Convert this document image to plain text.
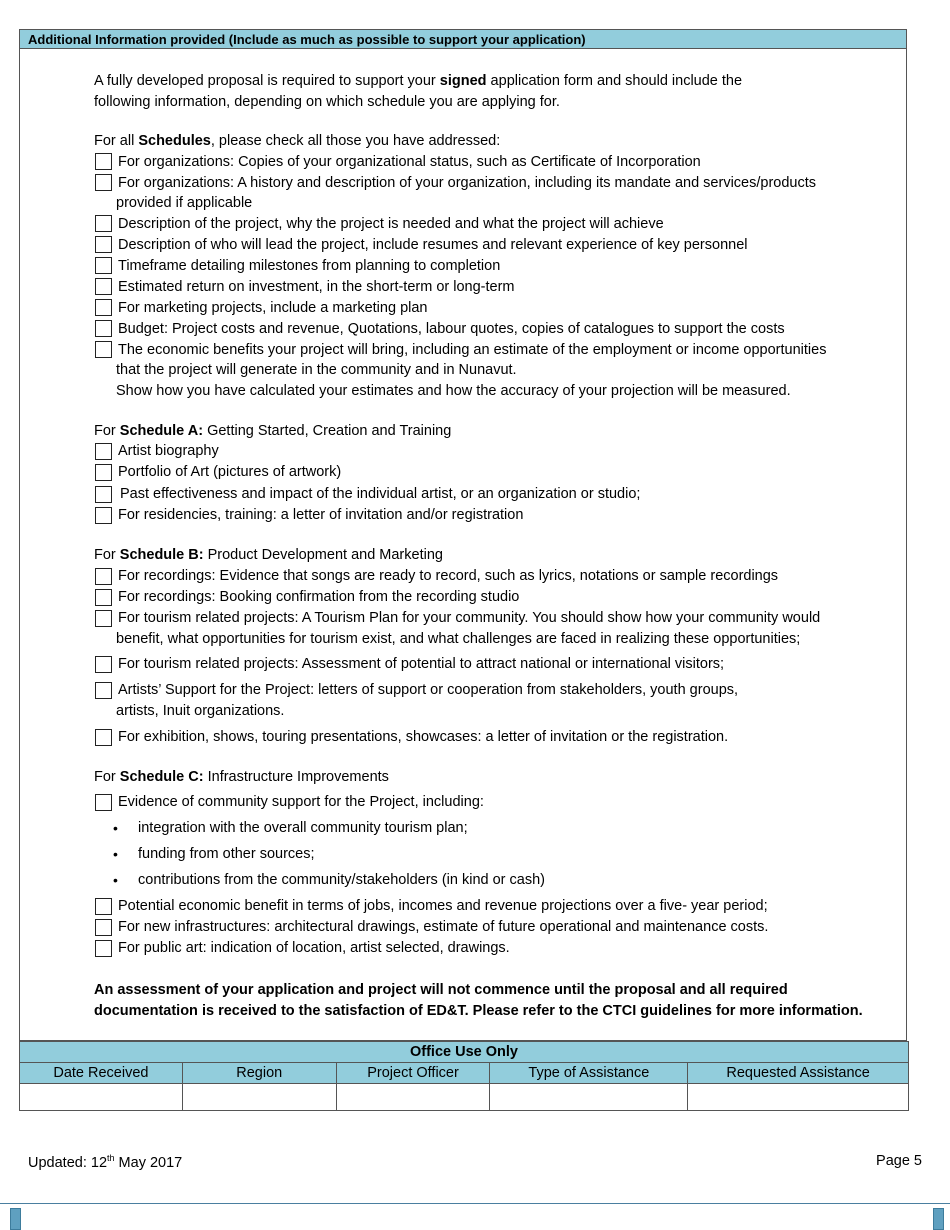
Additional Information provided (Include as much as possible to support your application)
A fully developed proposal is required to support your signed application form and should include the
following information, depending on which schedule you are applying for.
For all Schedules, please check all those you have addressed:
For organizations: Copies of your organizational status, such as Certificate of Incorporation
For organizations: A history and description of your organization, including its mandate and services/products
provided if applicable
Description of the project, why the project is needed and what the project will achieve
Description of who will lead the project, include resumes and relevant experience of key personnel
Timeframe detailing milestones from planning to completion
Estimated return on investment, in the short-term or long-term
For marketing projects, include a marketing plan
Budget: Project costs and revenue, Quotations, labour quotes, copies of catalogues to support the costs
The economic benefits your project will bring, including an estimate of the employment or income opportunities
that the project will generate in the community and in Nunavut.
Show how you have calculated your estimates and how the accuracy of your projection will be measured.
For Schedule A: Getting Started, Creation and Training
Artist biography
Portfolio of Art (pictures of artwork)
Past effectiveness and impact of the individual artist, or an organization or studio;
For residencies, training: a letter of invitation and/or registration
For Schedule B: Product Development and Marketing
For recordings: Evidence that songs are ready to record, such as lyrics, notations or sample recordings
For recordings: Booking confirmation from the recording studio
For tourism related projects: A Tourism Plan for your community. You should show how your community would
benefit, what opportunities for tourism exist, and what challenges are faced in realizing these opportunities;
For tourism related projects: Assessment of potential to attract national or international visitors;
Artists’ Support for the Project: letters of support or cooperation from stakeholders, youth groups,
artists, Inuit organizations.
For exhibition, shows, touring presentations, showcases: a letter of invitation or the registration.
For Schedule C: Infrastructure Improvements
Evidence of community support for the Project, including:
• integration with the overall community tourism plan;
• funding from other sources;
• contributions from the community/stakeholders (in kind or cash)
Potential economic benefit in terms of jobs, incomes and revenue projections over a five- year period;
For new infrastructures: architectural drawings, estimate of future operational and maintenance costs.
For public art: indication of location, artist selected, drawings.
An assessment of your application and project will not commence until the proposal and all required
documentation is received to the satisfaction of ED&T. Please refer to the CTCI guidelines for more information.
Office Use Only				
Date Received	Region	Project Officer	Type of Assistance	Requested Assistance

Updated: 12th May 2017	Page 5
